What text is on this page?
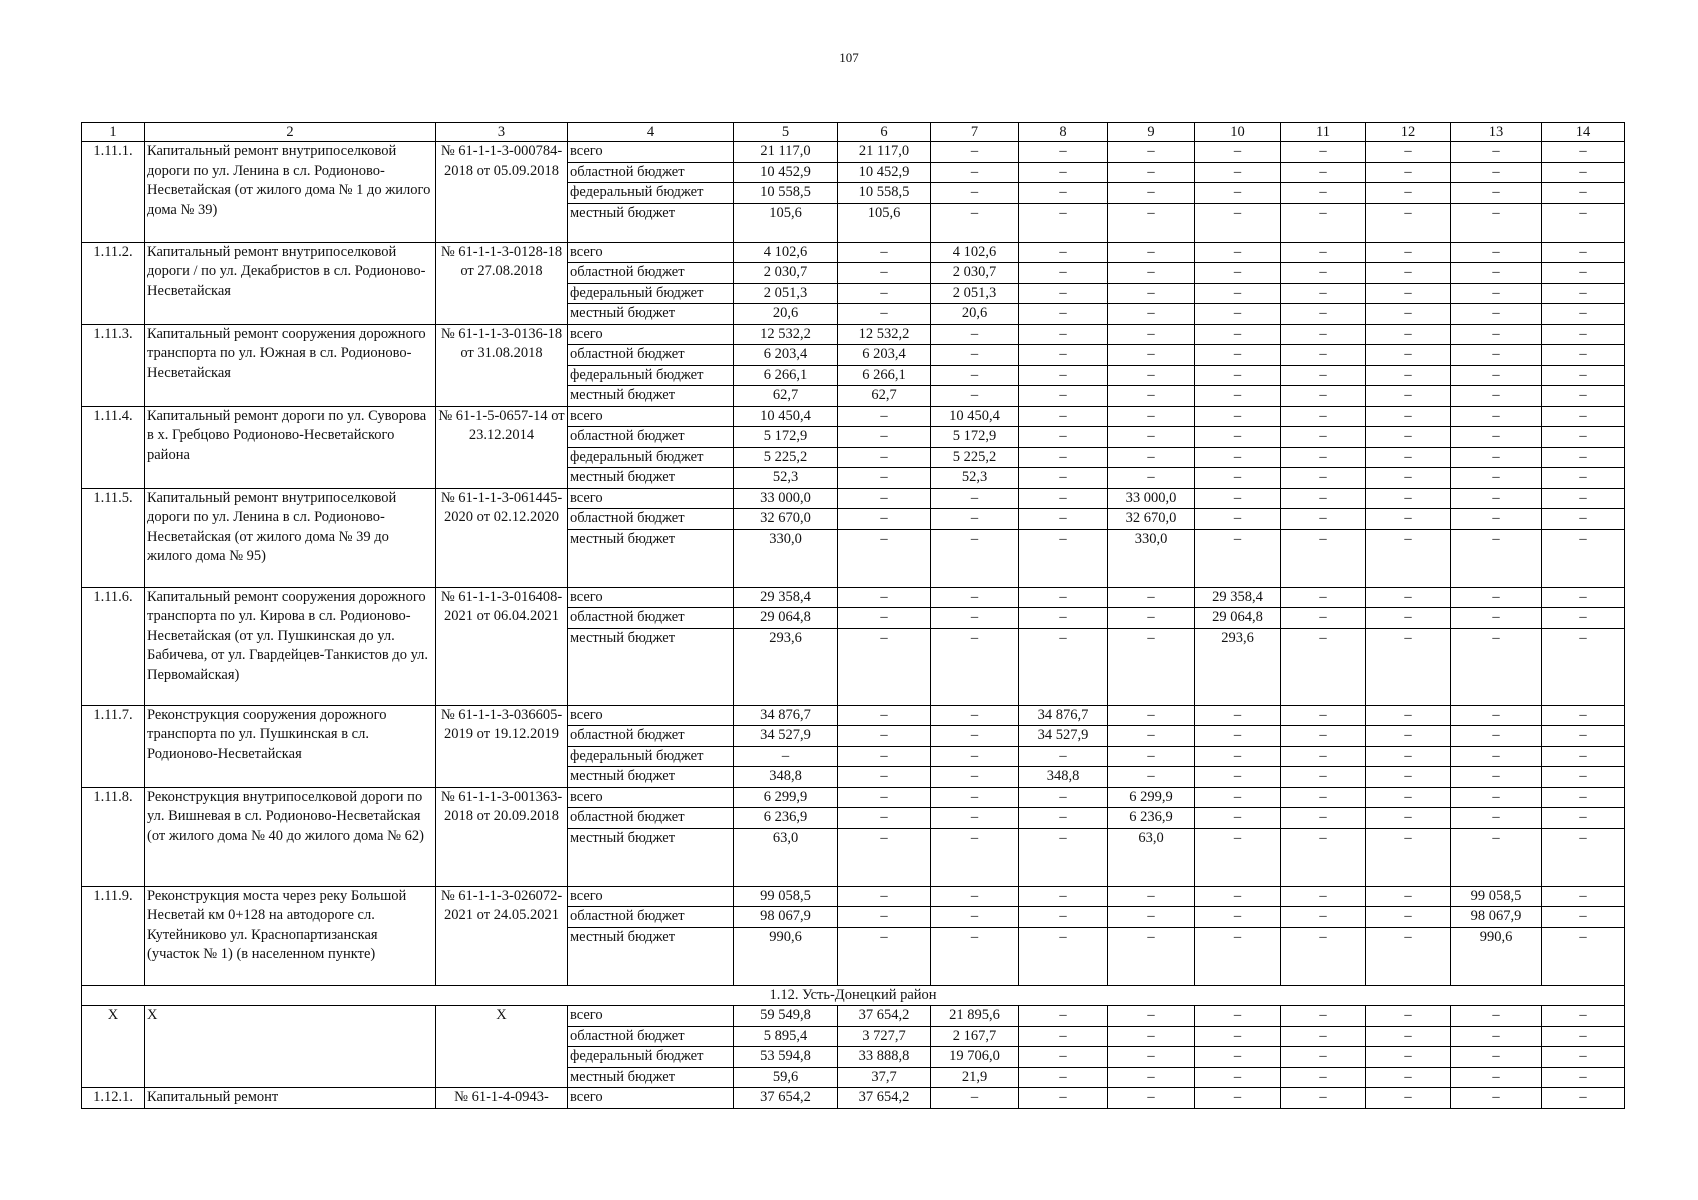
107
1	2	3	4	5	6	7	8	9	10	11	12	13	14
1.11.1.	Капитальный ремонт внутрипоселковой дороги по ул. Ленина в сл. Родионово-Несветайская (от жилого дома № 1 до жилого дома № 39)	№ 61-1-1-3-000784-2018 от 05.09.2018	всего	21 117,0	21 117,0	–	–	–	–	–	–	–	–
			областной бюджет	10 452,9	10 452,9	–	–	–	–	–	–	–	–
			федеральный бюджет	10 558,5	10 558,5	–	–	–	–	–	–	–	–
			местный бюджет	105,6	105,6	–	–	–	–	–	–	–	–
1.11.2.	Капитальный ремонт внутрипоселковой дороги / по ул. Декабристов в сл. Родионово-Несветайская	№ 61-1-1-3-0128-18 от 27.08.2018	всего	4 102,6	–	4 102,6	–	–	–	–	–	–	–
			областной бюджет	2 030,7	–	2 030,7	–	–	–	–	–	–	–
			федеральный бюджет	2 051,3	–	2 051,3	–	–	–	–	–	–	–
			местный бюджет	20,6	–	20,6	–	–	–	–	–	–	–
1.11.3.	Капитальный ремонт сооружения дорожного транспорта по ул. Южная в сл. Родионово-Несветайская	№ 61-1-1-3-0136-18 от 31.08.2018	всего	12 532,2	12 532,2	–	–	–	–	–	–	–	–
			областной бюджет	6 203,4	6 203,4	–	–	–	–	–	–	–	–
			федеральный бюджет	6 266,1	6 266,1	–	–	–	–	–	–	–	–
			местный бюджет	62,7	62,7	–	–	–	–	–	–	–	–
1.11.4.	Капитальный ремонт дороги по ул. Суворова в х. Гребцово Родионово-Несветайского района	№ 61-1-5-0657-14 от 23.12.2014	всего	10 450,4	–	10 450,4	–	–	–	–	–	–	–
			областной бюджет	5 172,9	–	5 172,9	–	–	–	–	–	–	–
			федеральный бюджет	5 225,2	–	5 225,2	–	–	–	–	–	–	–
			местный бюджет	52,3	–	52,3	–	–	–	–	–	–	–
1.11.5.	Капитальный ремонт внутрипоселковой дороги по ул. Ленина в сл. Родионово-Несветайская (от жилого дома № 39 до жилого дома № 95)	№ 61-1-1-3-061445-2020 от 02.12.2020	всего	33 000,0	–	–	–	33 000,0	–	–	–	–	–
			областной бюджет	32 670,0	–	–	–	32 670,0	–	–	–	–	–
			местный бюджет	330,0	–	–	–	330,0	–	–	–	–	–
1.11.6.	Капитальный ремонт сооружения дорожного транспорта по ул. Кирова в сл. Родионово-Несветайская (от ул. Пушкинская до ул. Бабичева, от ул. Гвардейцев-Танкистов до ул. Первомайская)	№ 61-1-1-3-016408-2021 от 06.04.2021	всего	29 358,4	–	–	–	–	29 358,4	–	–	–	–
			областной бюджет	29 064,8	–	–	–	–	29 064,8	–	–	–	–
			местный бюджет	293,6	–	–	–	–	293,6	–	–	–	–
1.11.7.	Реконструкция сооружения дорожного транспорта по ул. Пушкинская в сл. Родионово-Несветайская	№ 61-1-1-3-036605-2019 от 19.12.2019	всего	34 876,7	–	–	34 876,7	–	–	–	–	–	–
			областной бюджет	34 527,9	–	–	34 527,9	–	–	–	–	–	–
			федеральный бюджет	–	–	–	–	–	–	–	–	–	–
			местный бюджет	348,8	–	–	348,8	–	–	–	–	–	–
1.11.8.	Реконструкция внутрипоселковой дороги по ул. Вишневая в сл. Родионово-Несветайская (от жилого дома № 40 до жилого дома № 62)	№ 61-1-1-3-001363-2018 от 20.09.2018	всего	6 299,9	–	–	–	6 299,9	–	–	–	–	–
			областной бюджет	6 236,9	–	–	–	6 236,9	–	–	–	–	–
			местный бюджет	63,0	–	–	–	63,0	–	–	–	–	–
1.11.9.	Реконструкция моста через реку Большой Несветай км 0+128 на автодороге сл. Кутейниково ул. Краснопартизанская (участок № 1) (в населенном пункте)	№ 61-1-1-3-026072-2021 от 24.05.2021	всего	99 058,5	–	–	–	–	–	–	–	99 058,5	–
			областной бюджет	98 067,9	–	–	–	–	–	–	–	98 067,9	–
			местный бюджет	990,6	–	–	–	–	–	–	–	990,6	–
1.12. Усть-Донецкий район													
Х	Х	Х	всего	59 549,8	37 654,2	21 895,6	–	–	–	–	–	–	–
			областной бюджет	5 895,4	3 727,7	2 167,7	–	–	–	–	–	–	–
			федеральный бюджет	53 594,8	33 888,8	19 706,0	–	–	–	–	–	–	–
			местный бюджет	59,6	37,7	21,9	–	–	–	–	–	–	–
1.12.1.	Капитальный ремонт	№ 61-1-4-0943-	всего	37 654,2	37 654,2	–	–	–	–	–	–	–	–
